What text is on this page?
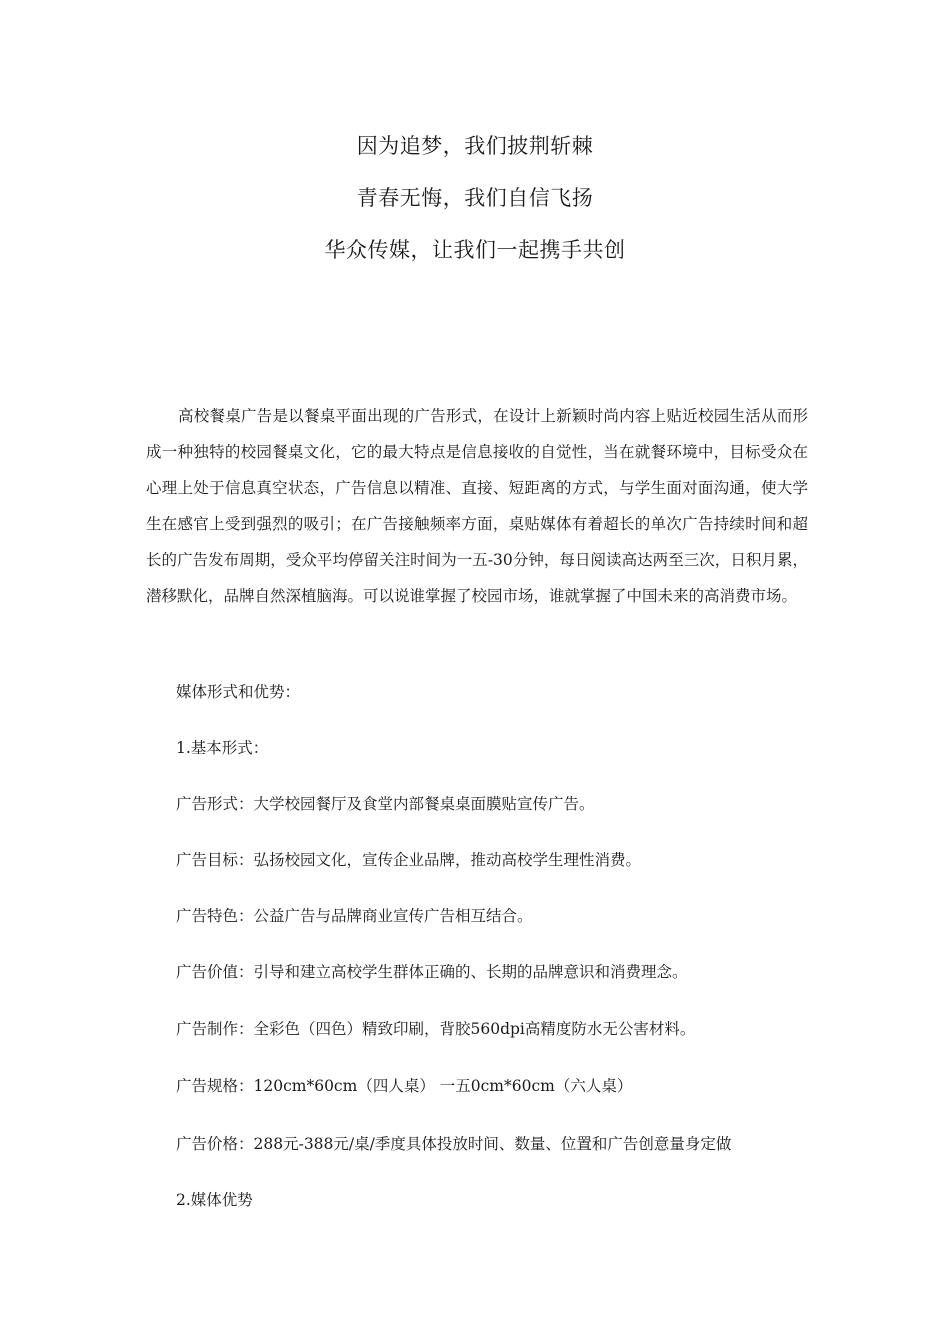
因为追梦，我们披荆斩棘
青春无悔，我们自信飞扬
华众传媒，让我们一起携手共创

高校餐桌广告是以餐桌平面出现的广告形式，在设计上新颖时尚内容上贴近校园生活从而形成一种独特的校园餐桌文化，它的最大特点是信息接收的自觉性，当在就餐环境中，目标受众在心理上处于信息真空状态，广告信息以精准、直接、短距离的方式，与学生面对面沟通，使大学生在感官上受到强烈的吸引；在广告接触频率方面，桌贴媒体有着超长的单次广告持续时间和超长的广告发布周期，受众平均停留关注时间为一五-30分钟，每日阅读高达两至三次，日积月累，潜移默化，品牌自然深植脑海。可以说谁掌握了校园市场，谁就掌握了中国未来的高消费市场。

媒体形式和优势：
1.基本形式：
广告形式：大学校园餐厅及食堂内部餐桌桌面膜贴宣传广告。
广告目标：弘扬校园文化，宣传企业品牌，推动高校学生理性消费。
广告特色：公益广告与品牌商业宣传广告相互结合。
广告价值：引导和建立高校学生群体正确的、长期的品牌意识和消费理念。
广告制作：全彩色（四色）精致印刷，背胶560dpi高精度防水无公害材料。
广告规格：120cm*60cm（四人桌） 一五0cm*60cm（六人桌）
广告价格：288元-388元/桌/季度具体投放时间、数量、位置和广告创意量身定做
2.媒体优势
